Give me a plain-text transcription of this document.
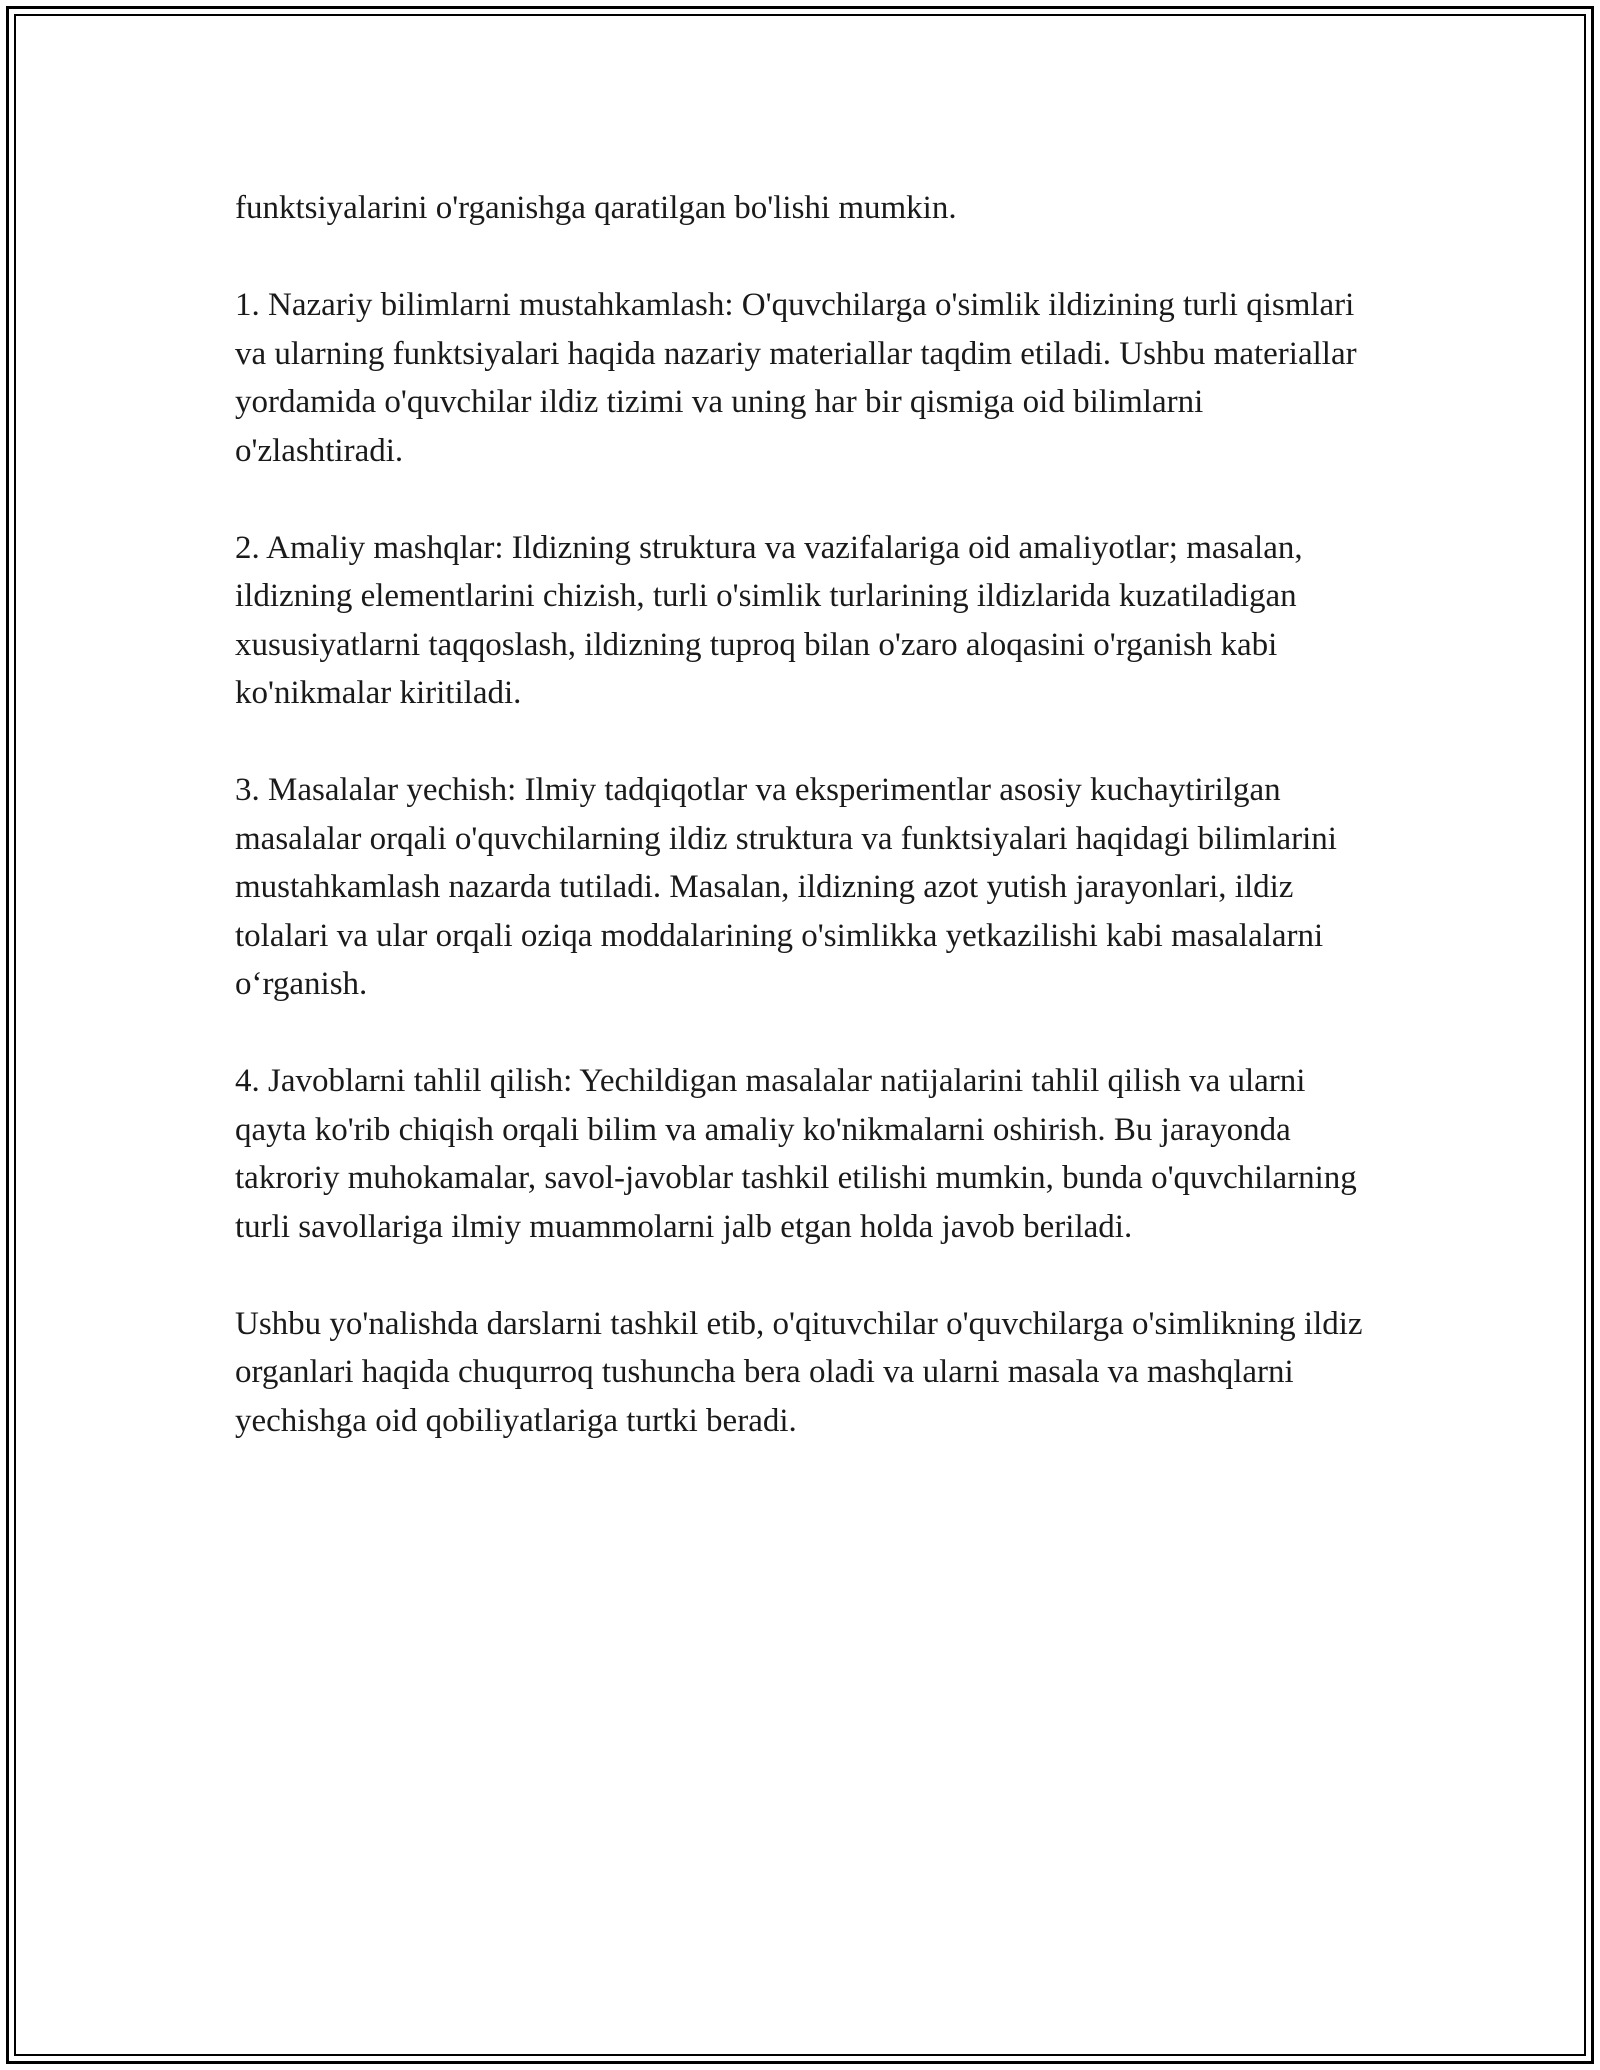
funktsiyalarini o'rganishga qaratilgan bo'lishi mumkin.

1. Nazariy bilimlarni mustahkamlash: O'quvchilarga o'simlik ildizining turli qismlari va ularning funktsiyalari haqida nazariy materiallar taqdim etiladi. Ushbu materiallar yordamida o'quvchilar ildiz tizimi va uning har bir qismiga oid bilimlarni o'zlashtiradi.

2. Amaliy mashqlar: Ildizning struktura va vazifalariga oid amaliyotlar; masalan, ildizning elementlarini chizish, turli o'simlik turlarining ildizlarida kuzatiladigan xususiyatlarni taqqoslash, ildizning tuproq bilan o'zaro aloqasini o'rganish kabi ko'nikmalar kiritiladi.

3. Masalalar yechish: Ilmiy tadqiqotlar va eksperimentlar asosiy kuchaytirilgan masalalar orqali o'quvchilarning ildiz struktura va funktsiyalari haqidagi bilimlarini mustahkamlash nazarda tutiladi. Masalan, ildizning azot yutish jarayonlari, ildiz tolalari va ular orqali oziqa moddalarining o'simlikka yetkazilishi kabi masalalarni o‘rganish.

4. Javoblarni tahlil qilish: Yechildigan masalalar natijalarini tahlil qilish va ularni qayta ko'rib chiqish orqali bilim va amaliy ko'nikmalarni oshirish. Bu jarayonda takroriy muhokamalar, savol-javoblar tashkil etilishi mumkin, bunda o'quvchilarning turli savollariga ilmiy muammolarni jalb etgan holda javob beriladi.

Ushbu yo'nalishda darslarni tashkil etib, o'qituvchilar o'quvchilarga o'simlikning ildiz organlari haqida chuqurroq tushuncha bera oladi va ularni masala va mashqlarni yechishga oid qobiliyatlariga turtki beradi.
